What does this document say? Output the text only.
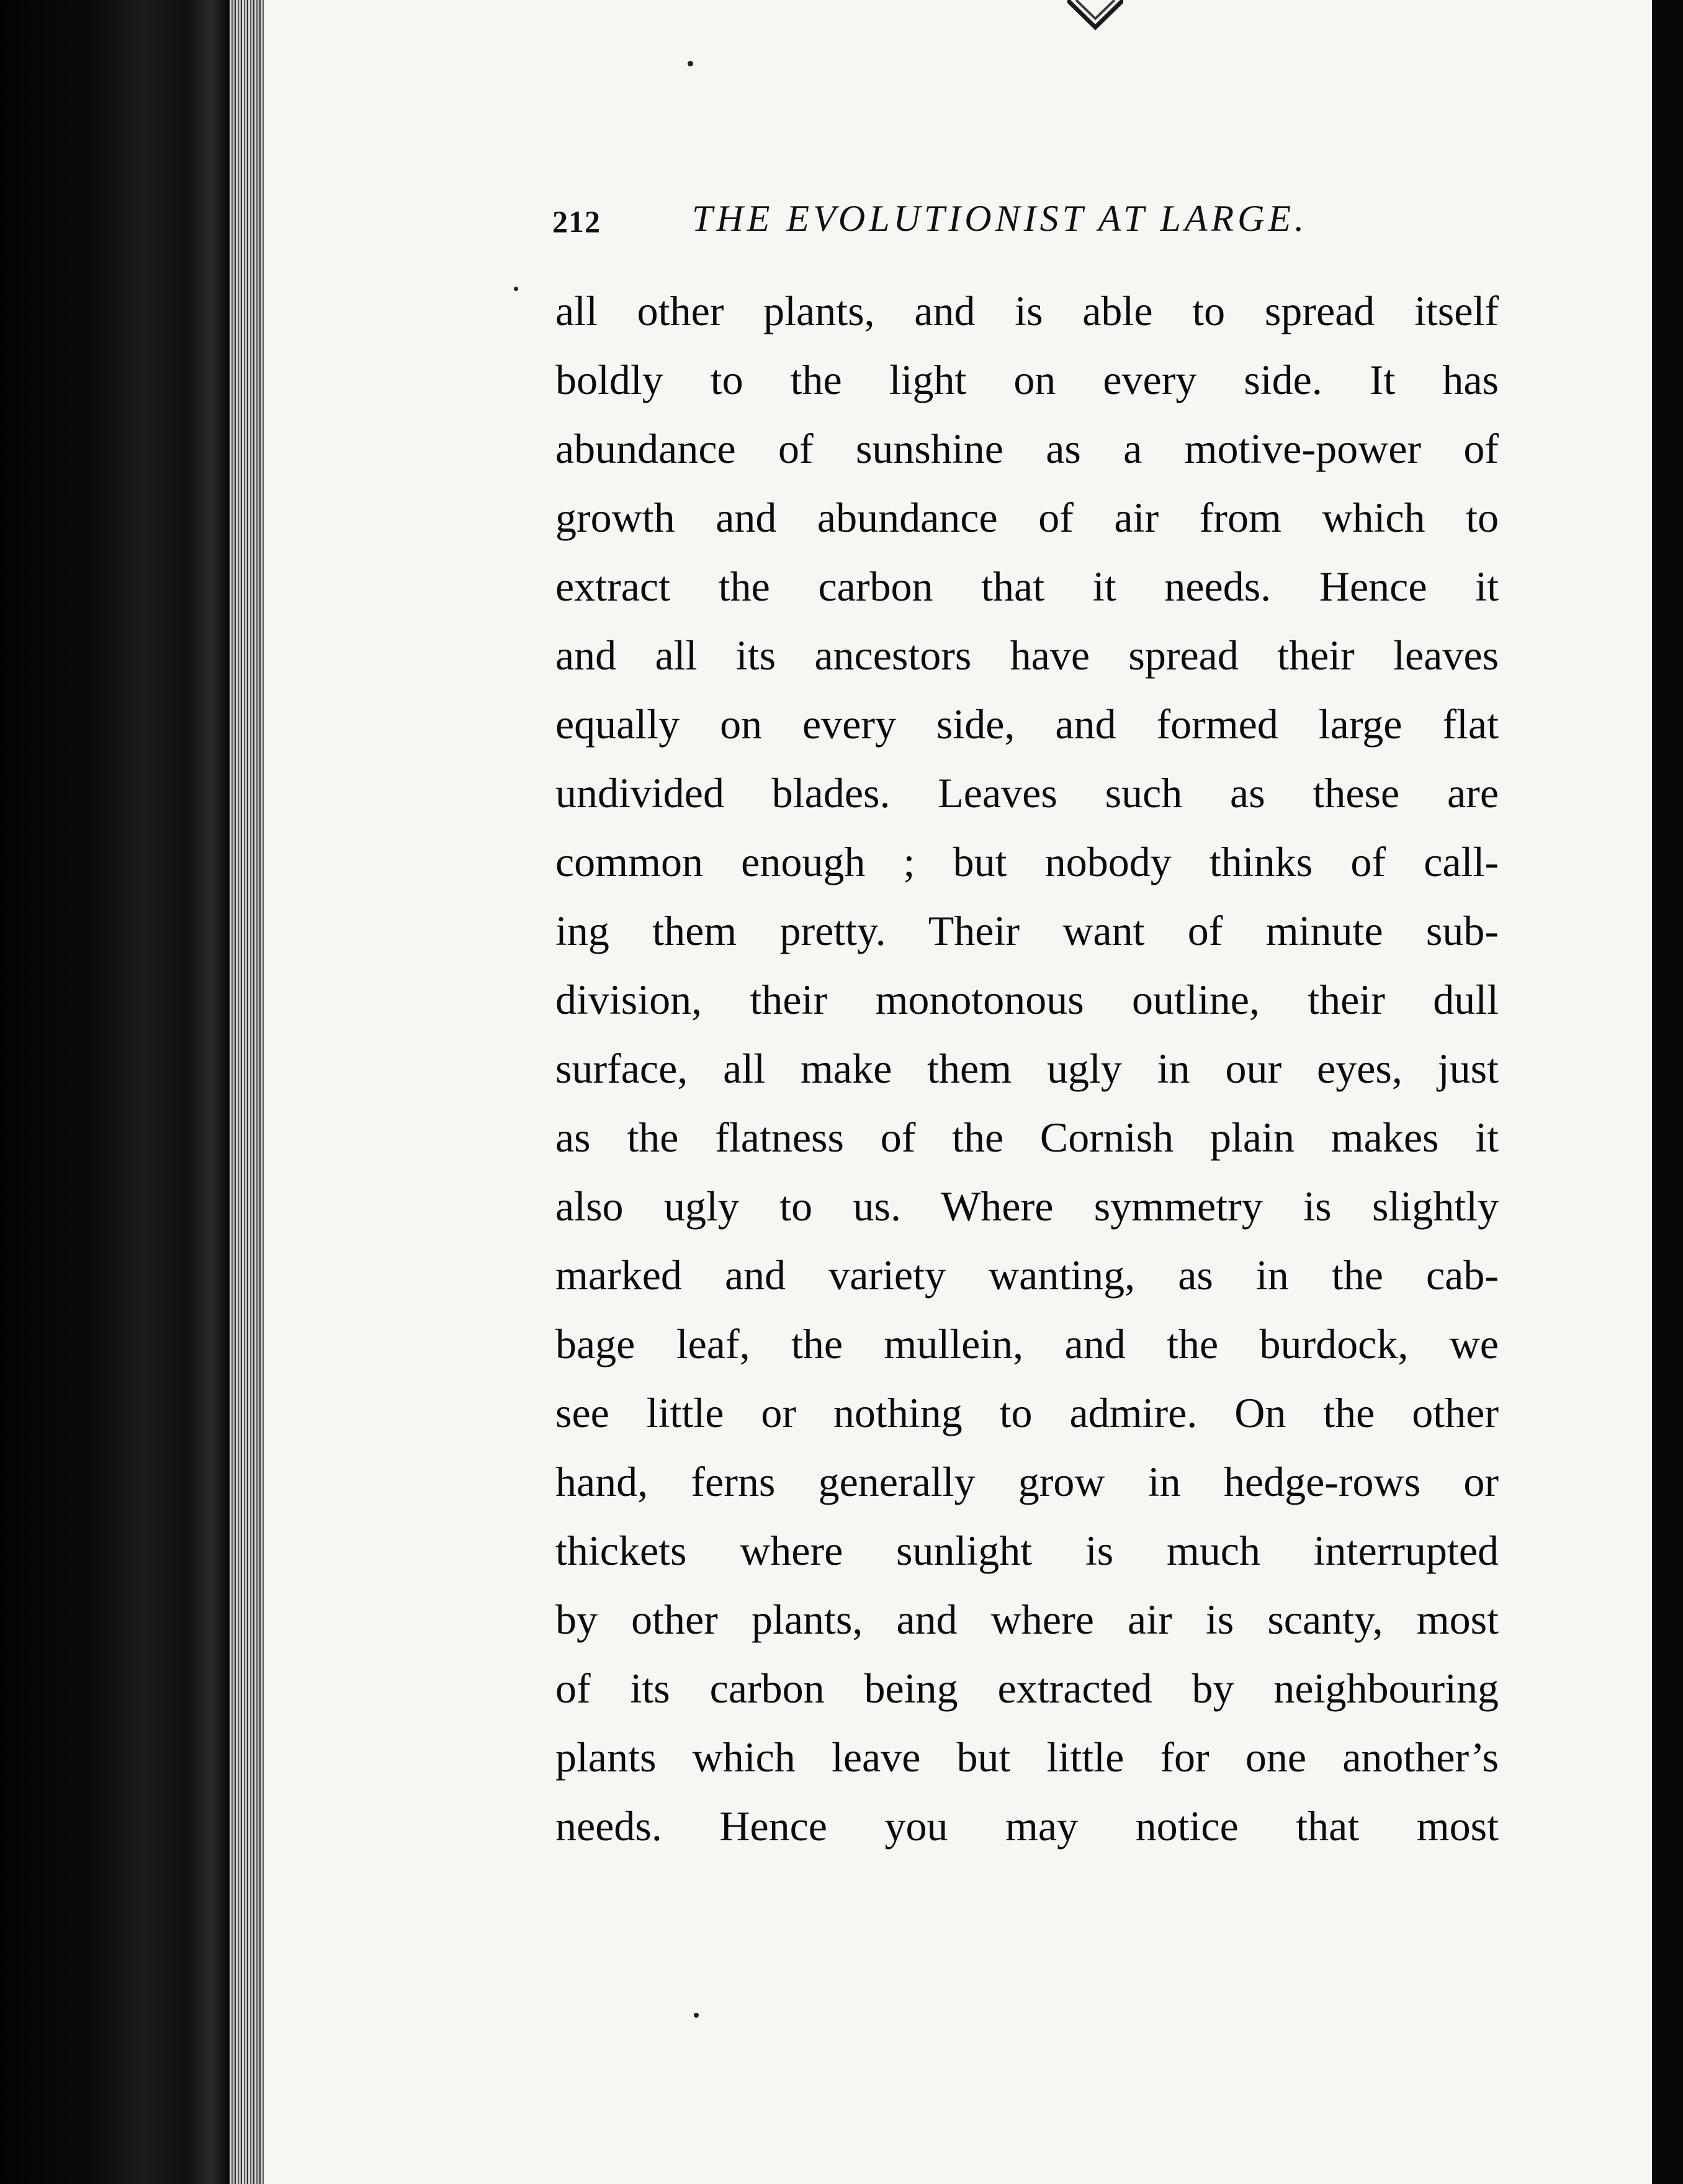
212 THE EVOLUTIONIST AT LARGE.
all other plants, and is able to spread itself
boldly to the light on every side. It has
abundance of sunshine as a motive-power of
growth and abundance of air from which to
extract the carbon that it needs. Hence it
and all its ancestors have spread their leaves
equally on every side, and formed large flat
undivided blades. Leaves such as these are
common enough ; but nobody thinks of call-
ing them pretty. Their want of minute sub-
division, their monotonous outline, their dull
surface, all make them ugly in our eyes, just
as the flatness of the Cornish plain makes it
also ugly to us. Where symmetry is slightly
marked and variety wanting, as in the cab-
bage leaf, the mullein, and the burdock, we
see little or nothing to admire. On the other
hand, ferns generally grow in hedge-rows or
thickets where sunlight is much interrupted
by other plants, and where air is scanty, most
of its carbon being extracted by neighbouring
plants which leave but little for one another’s
needs. Hence you may notice that most
